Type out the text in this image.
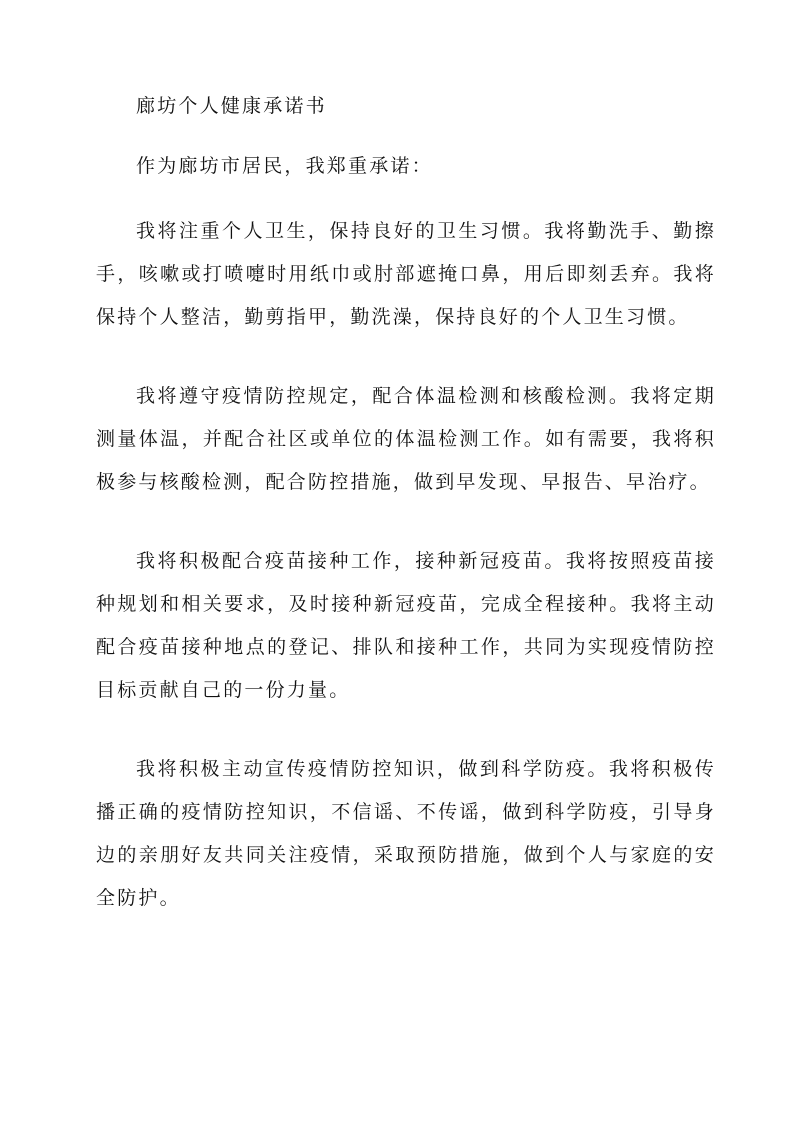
廊坊个人健康承诺书

作为廊坊市居民，我郑重承诺：

我将注重个人卫生，保持良好的卫生习惯。我将勤洗手、勤擦手，咳嗽或打喷嚏时用纸巾或肘部遮掩口鼻，用后即刻丢弃。我将保持个人整洁，勤剪指甲，勤洗澡，保持良好的个人卫生习惯。

我将遵守疫情防控规定，配合体温检测和核酸检测。我将定期测量体温，并配合社区或单位的体温检测工作。如有需要，我将积极参与核酸检测，配合防控措施，做到早发现、早报告、早治疗。

我将积极配合疫苗接种工作，接种新冠疫苗。我将按照疫苗接种规划和相关要求，及时接种新冠疫苗，完成全程接种。我将主动配合疫苗接种地点的登记、排队和接种工作，共同为实现疫情防控目标贡献自己的一份力量。

我将积极主动宣传疫情防控知识，做到科学防疫。我将积极传播正确的疫情防控知识，不信谣、不传谣，做到科学防疫，引导身边的亲朋好友共同关注疫情，采取预防措施，做到个人与家庭的安全防护。
